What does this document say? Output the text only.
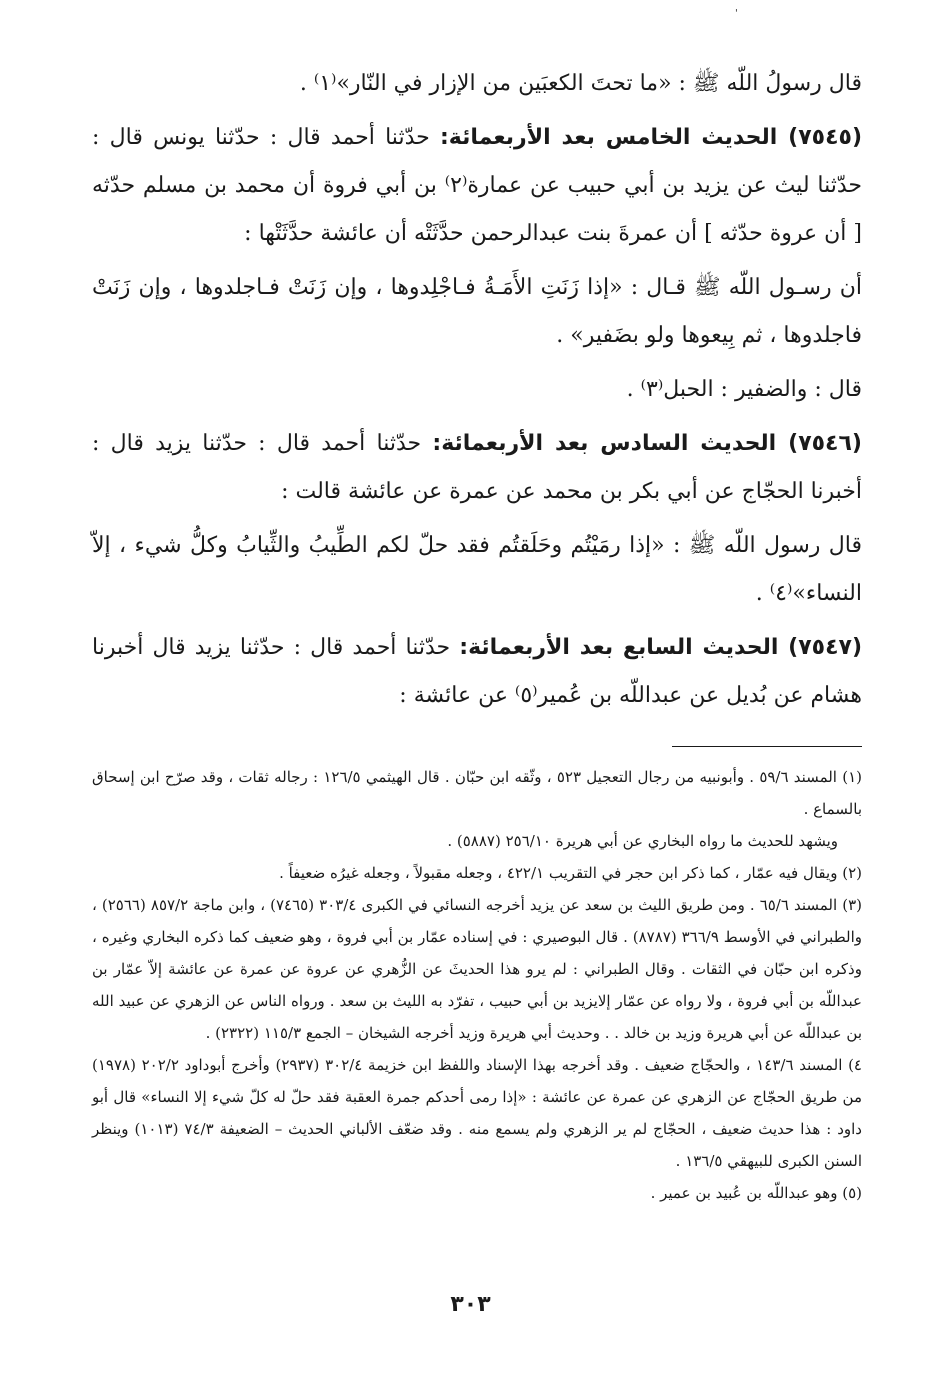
'

قال رسولُ اللّه ﷺ : «ما تحتَ الكعبَين من الإزار في النّار»⁽١⁾ .

(٧٥٤٥) الحديث الخامس بعد الأربعمائة: حدّثنا أحمد قال : حدّثنا يونس قال : حدّثنا ليث عن يزيد بن أبي حبيب عن عمارة⁽٢⁾ بن أبي فروة أن محمد بن مسلم حدّثه [ أن عروة حدّثه ] أن عمرةَ بنت عبدالرحمن حدَّثَتْه أن عائشة حدَّثَتْها :

أن رسـول اللّه ﷺ قـال : «إذا زَنَتِ الأَمَـةُ فـاجْلِدوها ، وإن زَنَتْ فـاجلدوها ، وإن زَنَتْ فاجلدوها ، ثم بِيعوها ولو بضَفير» .

قال : والضفير : الحبل⁽٣⁾ .

(٧٥٤٦) الحديث السادس بعد الأربعمائة: حدّثنا أحمد قال : حدّثنا يزيد قال : أخبرنا الحجّاج عن أبي بكر بن محمد عن عمرة عن عائشة قالت :

قال رسول اللّه ﷺ : «إذا رمَيْتُم وحَلَقتُم فقد حلّ لكم الطِّيبُ والثِّيابُ وكلُّ شيء ، إلاّ النساء»⁽٤⁾ .

(٧٥٤٧) الحديث السابع بعد الأربعمائة: حدّثنا أحمد قال : حدّثنا يزيد قال أخبرنا هشام عن بُديل عن عبداللّه بن عُمير⁽٥⁾ عن عائشة :

(١) المسند ٥٩/٦ . وأبونبيه من رجال التعجيل ٥٢٣ ، وثّقه ابن حبّان . قال الهيثمي ١٢٦/٥ : رجاله ثقات ، وقد صرّح ابن إسحاق بالسماع .

ويشهد للحديث ما رواه البخاري عن أبي هريرة ٢٥٦/١٠ (٥٨٨٧) .

(٢) ويقال فيه عمّار ، كما ذكر ابن حجر في التقريب ٤٢٢/١ ، وجعله مقبولاً ، وجعله غيرُه ضعيفاً .

(٣) المسند ٦٥/٦ . ومن طريق الليث بن سعد عن يزيد أخرجه النسائي في الكبرى ٣٠٣/٤ (٧٤٦٥) ، وابن ماجة ٨٥٧/٢ (٢٥٦٦) ، والطبراني في الأوسط ٣٦٦/٩ (٨٧٨٧) . قال البوصيري : في إسناده عمّار بن أبي فروة ، وهو ضعيف كما ذكره البخاري وغيره ، وذكره ابن حبّان في الثقات . وقال الطبراني : لم يرو هذا الحديثَ عن الزُّهري عن عروة عن عمرة عن عائشة إلاّ عمّار بن عبداللّه بن أبي فروة ، ولا رواه عن عمّار إلايزيد بن أبي حبيب ، تفرّد به الليث بن سعد . ورواه الناس عن الزهري عن عبيد الله بن عبداللّه عن أبي هريرة وزيد بن خالد . . وحديث أبي هريرة وزيد أخرجه الشيخان – الجمع ١١٥/٣ (٢٣٢٢) .

٤) المسند ١٤٣/٦ ، والحجّاج ضعيف . وقد أخرجه بهذا الإسناد واللفظ ابن خزيمة ٣٠٢/٤ (٢٩٣٧) وأخرج أبوداود ٢٠٢/٢ (١٩٧٨) من طريق الحجّاج عن الزهري عن عمرة عن عائشة : «إذا رمى أحدكم جمرة العقبة فقد حلّ له كلّ شيء إلا النساء» قال أبو داود : هذا حديث ضعيف ، الحجّاج لم ير الزهري ولم يسمع منه . وقد ضعّف الألباني الحديث – الضعيفة ٧٤/٣ (١٠١٣) وينظر السنن الكبرى للبيهقي ١٣٦/٥ .

(٥) وهو عبداللّه بن عُبيد بن عمير .

٣٠٣
